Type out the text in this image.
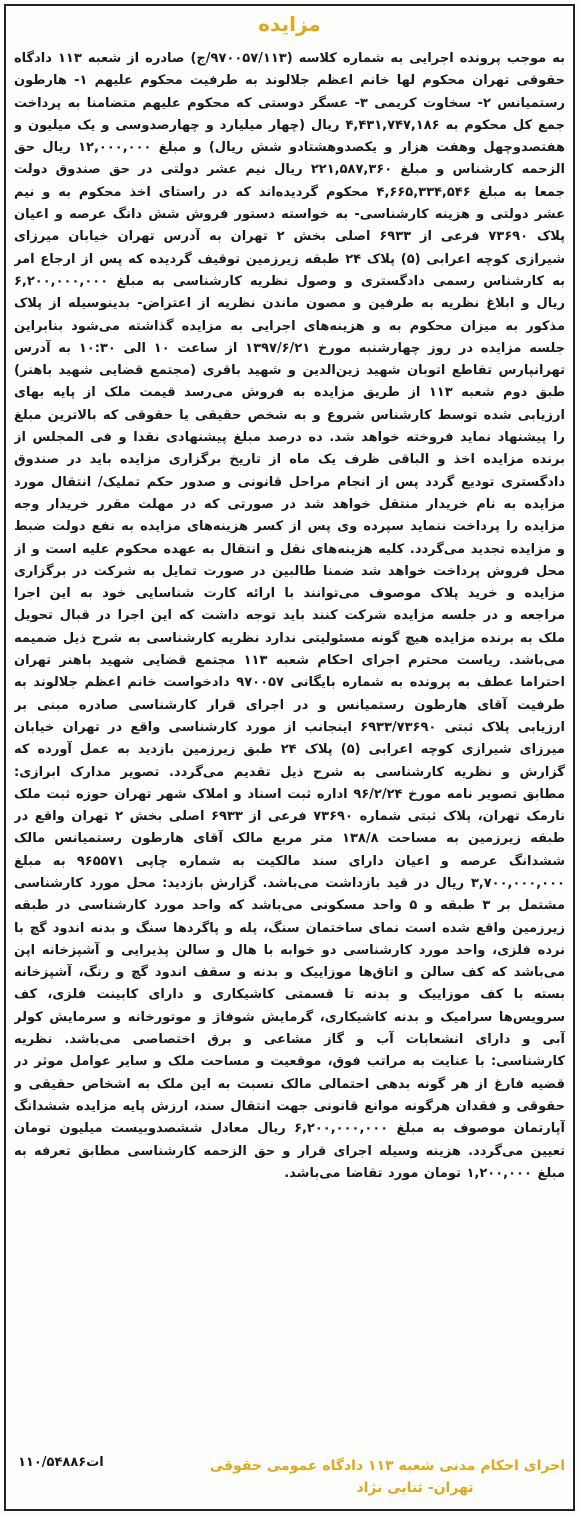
مزایده
به موجب پرونده اجرایی به شماره کلاسه (۹۷۰۰۵۷/۱۱۳/ج) صادره از شعبه ۱۱۳ دادگاه حقوقی تهران محکوم لها خانم اعظم جلالوند به طرفیت محکوم علیهم ۱- هارطون رستمیانس ۲- سخاوت کریمی ۳- عسگر دوستی که محکوم علیهم متضامنا به پرداخت جمع کل محکوم به ۴,۴۳۱,۷۴۷,۱۸۶ ریال (چهار میلیارد و چهارصدوسی و یک میلیون و هفتصدوچهل وهفت هزار و یکصدوهشتادو شش ریال) و مبلغ ۱۲,۰۰۰,۰۰۰ ریال حق الزحمه کارشناس و مبلغ ۲۲۱,۵۸۷,۳۶۰ ریال نیم عشر دولتی در حق صندوق دولت جمعا به مبلغ ۴,۶۶۵,۳۳۴,۵۴۶ محکوم گردیده‌اند که در راستای اخذ محکوم به و نیم عشر دولتی و هزینه کارشناسی- به خواسته دستور فروش شش دانگ عرصه و اعیان پلاک ۷۳۶۹۰ فرعی از ۶۹۳۳ اصلی بخش ۲ تهران به آدرس تهران خیابان میرزای شیرازی کوچه اعرابی (۵) پلاک ۲۴ طبقه زیرزمین توقیف گردیده که پس از ارجاع امر به کارشناس رسمی دادگستری و وصول نظریه کارشناسی به مبلغ ۶,۲۰۰,۰۰۰,۰۰۰ ریال و ابلاغ نظریه به طرفین و مصون ماندن نظریه از اعتراض- بدینوسیله از پلاک مذکور به میزان محکوم به و هزینه‌های اجرایی به مزایده گذاشته می‌شود بنابراین جلسه مزایده در روز چهارشنبه مورخ ۱۳۹۷/۶/۲۱ از ساعت ۱۰ الی ۱۰:۳۰ به آدرس تهرانپارس تقاطع اتوبان شهید زین‌الدین و شهید باقری (مجتمع قضایی شهید باهنر) طبق دوم شعبه ۱۱۳ از طریق مزایده به فروش می‌رسد قیمت ملک از پایه بهای ارزیابی شده توسط کارشناس شروع و به شخص حقیقی یا حقوقی که بالاترین مبلغ را پیشنهاد نماید فروخته خواهد شد. ده درصد مبلغ پیشنهادی نقدا و فی المجلس از برنده مزایده اخذ و الباقی ظرف یک ماه از تاریخ برگزاری مزایده باید در صندوق دادگستری تودیع گردد پس از انجام مراحل قانونی و صدور حکم تملیک/ انتقال مورد مزایده به نام خریدار منتقل خواهد شد در صورتی که در مهلت مقرر خریدار وجه مزایده را پرداخت ننماید سپرده وی پس از کسر هزینه‌های مزایده به نفع دولت ضبط و مزایده تجدید می‌گردد. کلیه هزینه‌های نقل و انتقال به عهده محکوم علیه است و از محل فروش پرداخت خواهد شد ضمنا طالبین در صورت تمایل به شرکت در برگزاری مزایده و خرید پلاک موصوف می‌توانند با ارائه کارت شناسایی خود به این اجرا مراجعه و در جلسه مزایده شرکت کنند باید توجه داشت که این اجرا در قبال تحویل ملک به برنده مزایده هیچ گونه مسئولیتی ندارد نظریه کارشناسی به شرح ذیل ضمیمه می‌باشد. ریاست محترم اجرای احکام شعبه ۱۱۳ مجتمع قضایی شهید باهنر تهران احتراما عطف به پرونده به شماره بایگانی ۹۷۰۰۵۷ دادخواست خانم اعظم جلالوند به طرفیت آقای هارطون رستمیانس و در اجرای قرار کارشناسی صادره مبنی بر ارزیابی پلاک ثبتی ۶۹۳۳/۷۳۶۹۰ اینجانب از مورد کارشناسی واقع در تهران خیابان میرزای شیرازی کوچه اعرابی (۵) پلاک ۲۴ طبق زیرزمین بازدید به عمل آورده که گزارش و نظریه کارشناسی به شرح ذیل تقدیم می‌گردد. تصویر مدارک ابرازی: مطابق تصویر نامه مورخ ۹۶/۲/۲۴ اداره ثبت اسناد و املاک شهر تهران حوزه ثبت ملک نارمک تهران، پلاک ثبتی شماره ۷۳۶۹۰ فرعی از ۶۹۳۳ اصلی بخش ۲ تهران واقع در طبقه زیرزمین به مساحت ۱۳۸/۸ متر مربع مالک آقای هارطون رستمیانس مالک ششدانگ عرصه و اعیان دارای سند مالکیت به شماره چاپی ۹۶۵۵۷۱ به مبلغ ۳,۷۰۰,۰۰۰,۰۰۰ ریال در قید بازداشت می‌باشد. گزارش بازدید: محل مورد کارشناسی مشتمل بر ۳ طبقه و ۵ واحد مسکونی می‌باشد که واحد مورد کارشناسی در طبقه زیرزمین واقع شده است نمای ساختمان سنگ، پله و پاگردها سنگ و بدنه اندود گچ با نرده فلزی، واحد مورد کارشناسی دو خوابه با هال و سالن پذیرایی و آشپزخانه اپن می‌باشد که کف سالن و اتاق‌ها موزاییک و بدنه و سقف اندود گچ و رنگ، آشپزخانه بسته با کف موزاییک و بدنه تا قسمتی کاشیکاری و دارای کابینت فلزی، کف سرویس‌ها سرامیک و بدنه کاشیکاری، گرمایش شوفاژ و موتورخانه و سرمایش کولر آبی و دارای انشعابات آب و گاز مشاعی و برق اختصاصی می‌باشد. نظریه کارشناسی: با عنایت به مراتب فوق، موقعیت و مساحت ملک و سایر عوامل موثر در قضیه فارغ از هر گونه بدهی احتمالی مالک نسبت به این ملک به اشخاص حقیقی و حقوقی و فقدان هرگونه موانع قانونی جهت انتقال سند، ارزش پایه مزایده ششدانگ آپارتمان موصوف به مبلغ ۶,۲۰۰,۰۰۰,۰۰۰ ریال معادل ششصدوبیست میلیون تومان تعیین می‌گردد. هزینه وسیله اجرای قرار و حق الزحمه کارشناسی مطابق تعرفه به مبلغ ۱,۲۰۰,۰۰۰ تومان مورد تقاضا می‌باشد.
اجرای احکام مدنی شعبه ۱۱۳ دادگاه عمومی حقوقی
تهران- ثنایی نژاد
۱۱۰/۵۴۸۸۶ات
